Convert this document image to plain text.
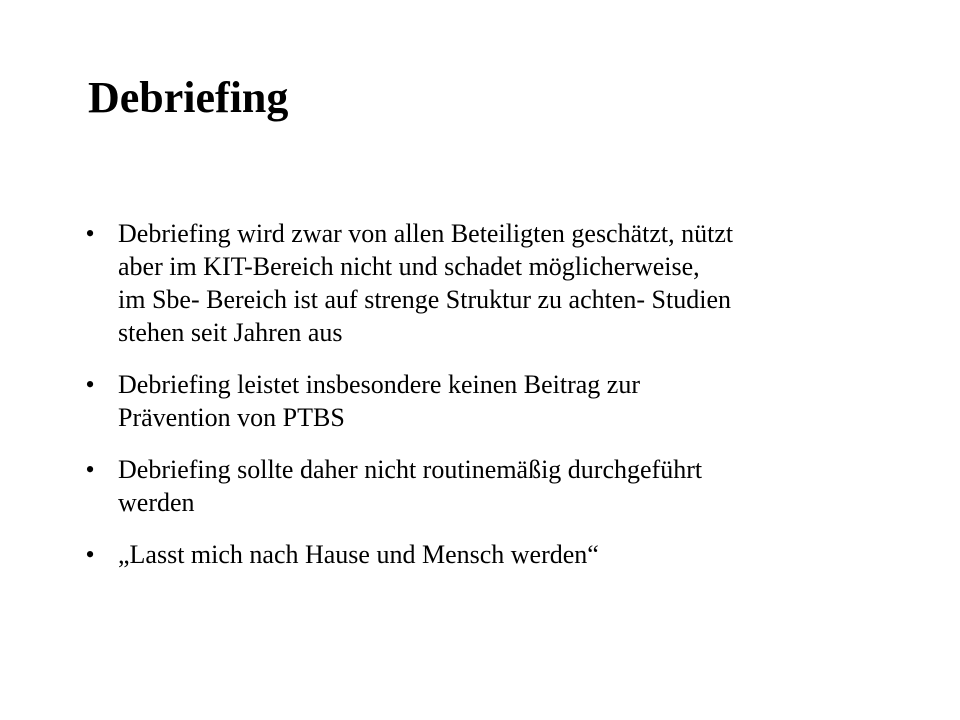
Debriefing
• Debriefing wird zwar von allen Beteiligten geschätzt, nützt
aber im KIT-Bereich nicht und schadet möglicherweise,
im Sbe- Bereich ist auf strenge Struktur zu achten- Studien
stehen seit Jahren aus
• Debriefing leistet insbesondere keinen Beitrag zur
Prävention von PTBS
• Debriefing sollte daher nicht routinemäßig durchgeführt
werden
• „Lasst mich nach Hause und Mensch werden“
